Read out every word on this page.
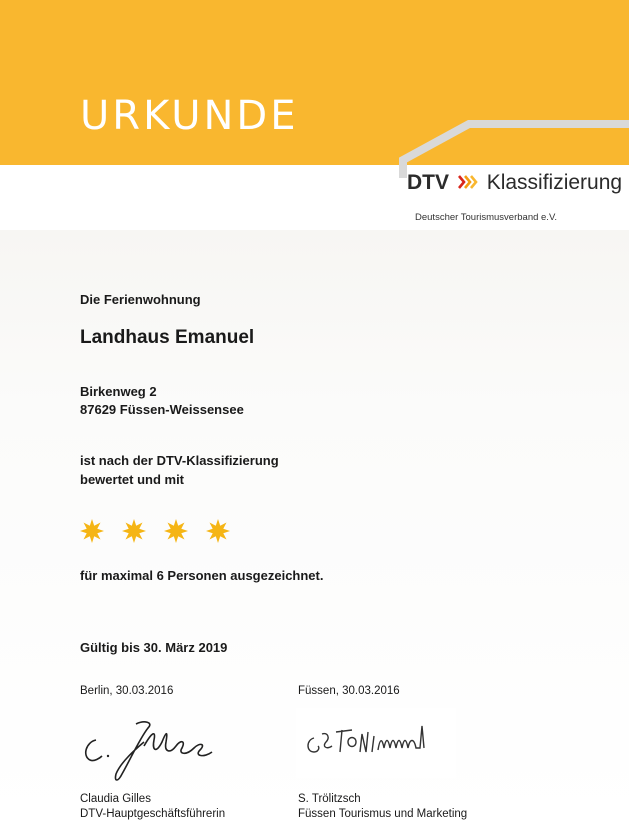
URKUNDE
DTV Klassifizierung
Deutscher Tourismusverband e.V.
Die Ferienwohnung
Landhaus Emanuel
Birkenweg 2
87629 Füssen-Weissensee
ist nach der DTV-Klassifizierung
bewertet und mit
für maximal 6 Personen ausgezeichnet.
Gültig bis 30. März 2019
Berlin, 30.03.2016	Füssen, 30.03.2016
Claudia Gilles
DTV-Hauptgeschäftsführerin
S. Trölitzsch
Füssen Tourismus und Marketing
